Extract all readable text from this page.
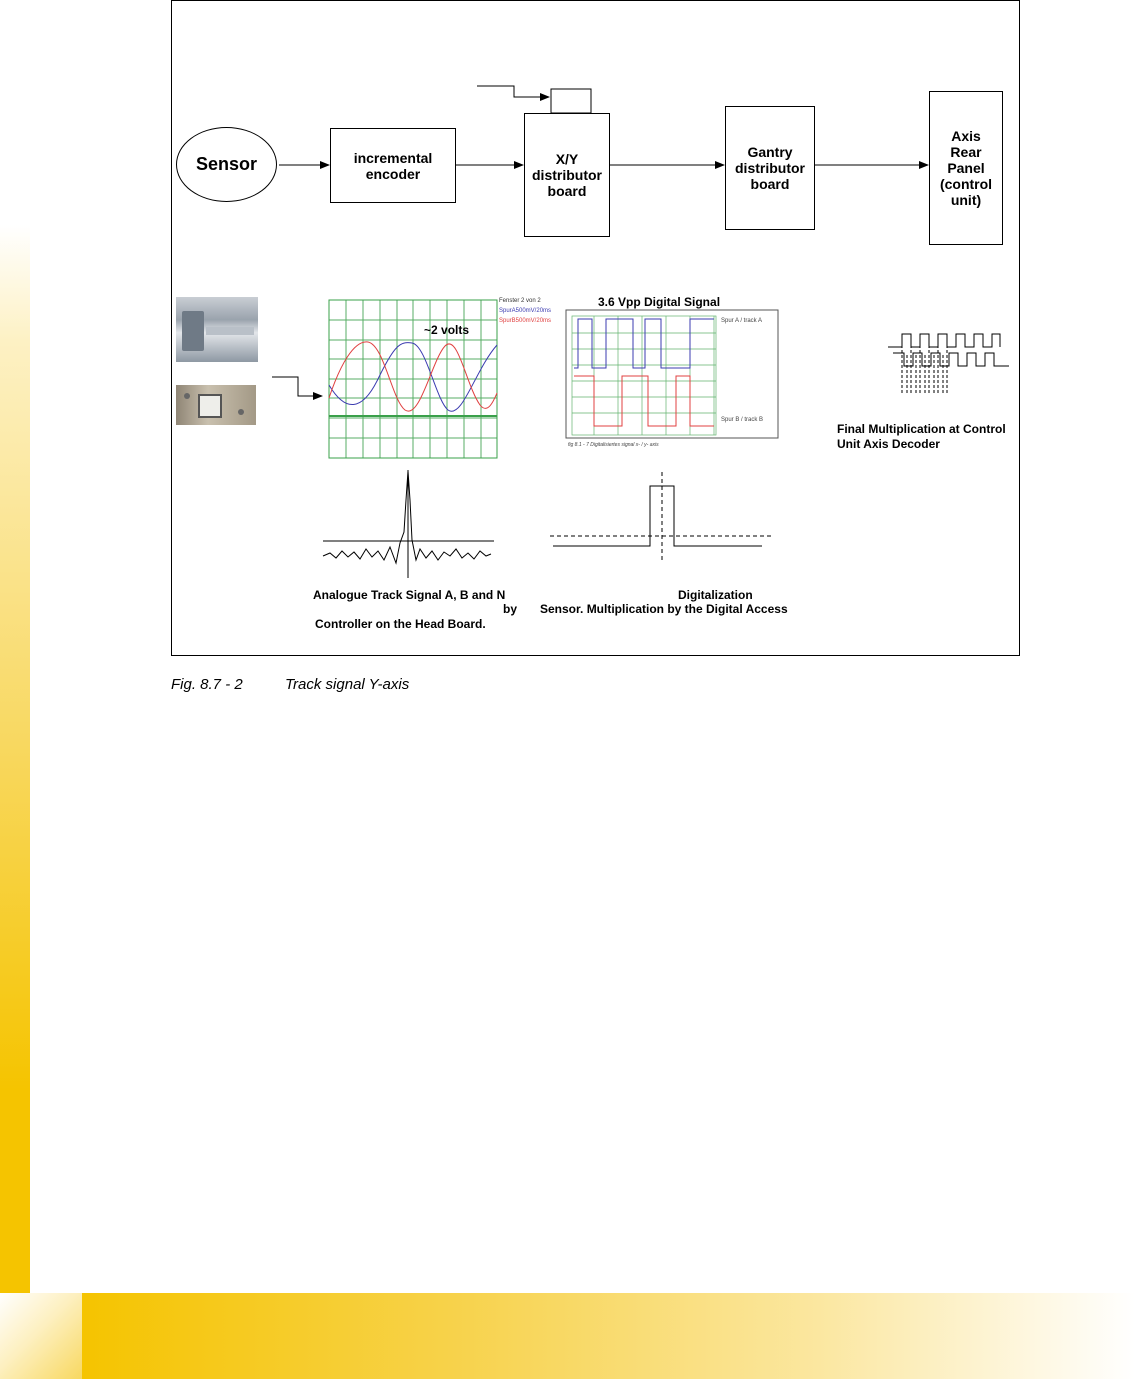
Sensor	incremental
encoder
X/Y
distributor
board
Gantry
distributor
board
Axis
Rear
Panel
(control
unit)
~2 volts
Fenster 2 von 2
SpurA500mV/20ms
SpurB500mV/20ms
3.6 Vpp Digital Signal
Spur A / track A
Spur B / track B
fig 8.1 - 7 Digitalisiertes signal x- / y- axis
Final Multiplication at Control
Unit Axis Decoder
Analogue Track Signal A, B and N
by
Controller on the Head Board.
Digitalization
Sensor. Multiplication by the Digital Access
Fig. 8.7 - 2	Track signal Y-axis
